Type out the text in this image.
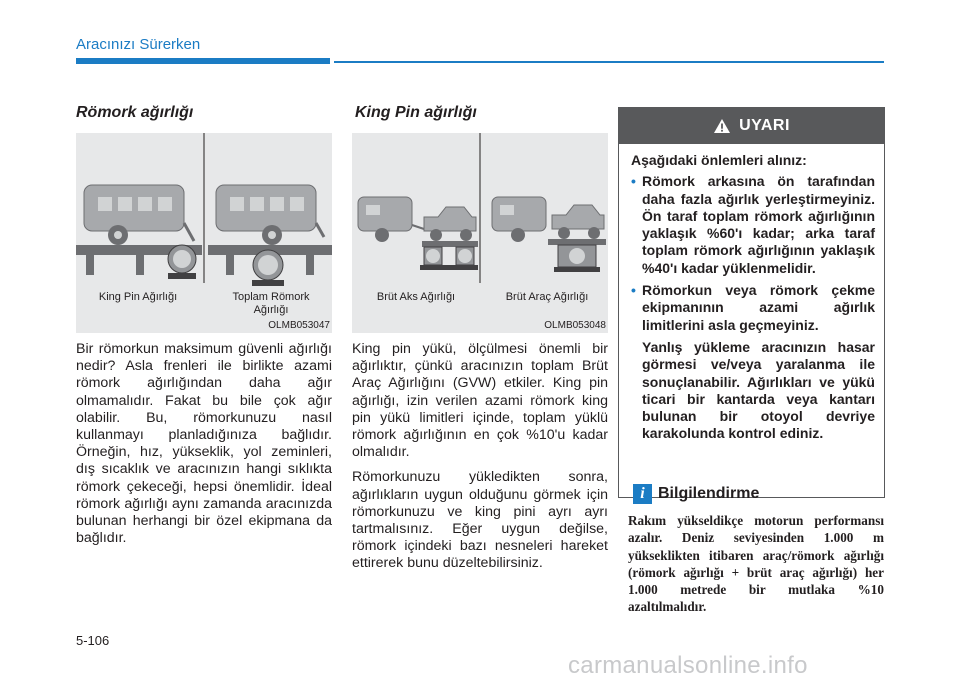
Aracınızı Sürerken
Römork ağırlığı
King Pin Ağırlığı	Toplam Römork
Ağırlığı
OLMB053047

Bir römorkun maksimum güvenli ağırlığı nedir? Asla frenleri ile birlikte azami römork ağırlığından daha ağır olmamalıdır. Fakat bu bile çok ağır olabilir. Bu, römorkunuzu nasıl kullanmayı planladığınıza bağlıdır. Örneğin, hız, yükseklik, yol zeminleri, dış sıcaklık ve aracınızın hangi sıklıkta römork çekeceği, hepsi önemlidir. İdeal römork ağırlığı aynı zamanda aracınızda bulunan herhangi bir özel ekipmana da bağlıdır.

King Pin ağırlığı
Brüt Aks Ağırlığı	Brüt Araç Ağırlığı
OLMB053048

King pin yükü, ölçülmesi önemli bir ağırlıktır, çünkü aracınızın toplam Brüt Araç Ağırlığını (GVW) etkiler. King pin ağırlığı, izin verilen azami römork king pin yükü limitleri içinde, toplam yüklü römork ağırlığının en çok %10'u kadar olmalıdır.

Römorkunuzu yükledikten sonra, ağırlıkların uygun olduğunu görmek için römorkunuzu ve king pini ayrı ayrı tartmalısınız. Eğer uygun değilse, römork içindeki bazı nesneleri hareket ettirerek bunu düzeltebilirsiniz.

UYARI
Aşağıdaki önlemleri alınız:
• Römork arkasına ön tarafından daha fazla ağırlık yerleştirmeyiniz. Ön taraf toplam römork ağırlığının yaklaşık %60'ı kadar; arka taraf toplam römork ağırlığının yaklaşık %40'ı kadar yüklenmelidir.
• Römorkun veya römork çekme ekipmanının azami ağırlık limitlerini asla geçmeyiniz.
Yanlış yükleme aracınızın hasar görmesi ve/veya yaralanma ile sonuçlanabilir. Ağırlıkları ve yükü ticari bir kantarda veya kantarı bulunan bir otoyol devriye karakolunda kontrol ediniz.
i Bilgilendirme
Rakım yükseldikçe motorun performansı azalır. Deniz seviyesinden 1.000 m yükseklikten itibaren araç/römork ağırlığı (römork ağırlığı + brüt araç ağırlığı) her 1.000 metrede bir mutlaka %10 azaltılmalıdır.
5-106
carmanualsonline.info
